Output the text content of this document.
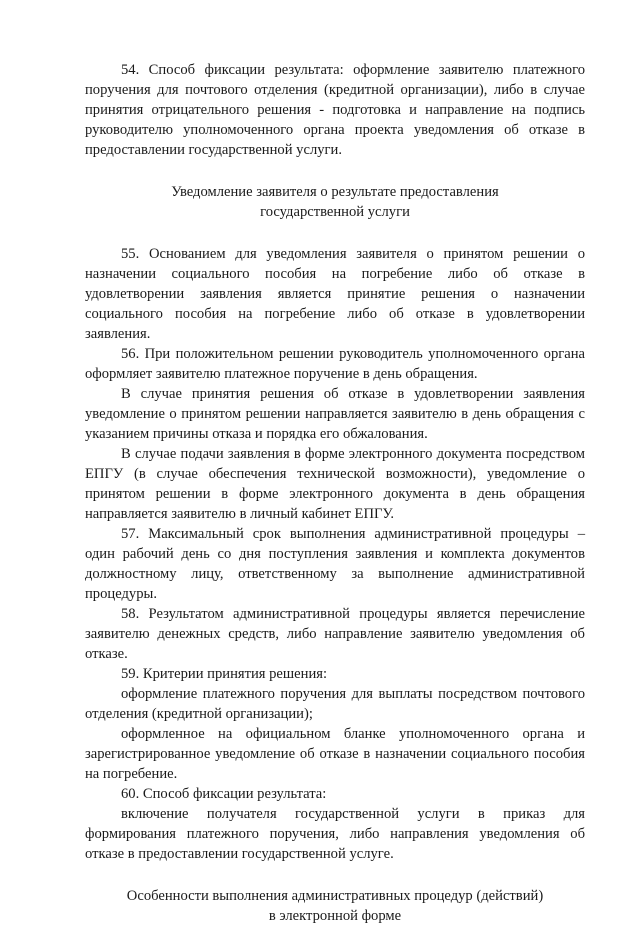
54. Способ фиксации результата: оформление заявителю платежного поручения для почтового отделения (кредитной организации), либо в случае принятия отрицательного решения - подготовка и направление на подпись руководителю уполномоченного органа проекта уведомления об отказе в предоставлении государственной услуги.

Уведомление заявителя о результате предоставления
государственной услуги

55. Основанием для уведомления заявителя о принятом решении о назначении социального пособия на погребение либо об отказе в удовлетворении заявления является принятие решения о назначении социального пособия на погребение либо об отказе в удовлетворении заявления.

56. При положительном решении руководитель уполномоченного органа оформляет заявителю платежное поручение в день обращения.

В случае принятия решения об отказе в удовлетворении заявления уведомление о принятом решении направляется заявителю в день обращения с указанием причины отказа и порядка его обжалования.

В случае подачи заявления в форме электронного документа посредством ЕПГУ (в случае обеспечения технической возможности), уведомление о принятом решении в форме электронного документа в день обращения направляется заявителю в личный кабинет ЕПГУ.

57. Максимальный срок выполнения административной процедуры – один рабочий день со дня поступления заявления и комплекта документов должностному лицу, ответственному за выполнение административной процедуры.

58. Результатом административной процедуры является перечисление заявителю денежных средств, либо направление заявителю уведомления об отказе.

59. Критерии принятия решения:

оформление платежного поручения для выплаты посредством почтового отделения (кредитной организации);

оформленное на официальном бланке уполномоченного органа и зарегистрированное уведомление об отказе в назначении социального пособия на погребение.

60. Способ фиксации результата:

включение получателя государственной услуги в приказ для формирования платежного поручения, либо направления уведомления об отказе в предоставлении государственной услуге.

Особенности выполнения административных процедур (действий)
в электронной форме
